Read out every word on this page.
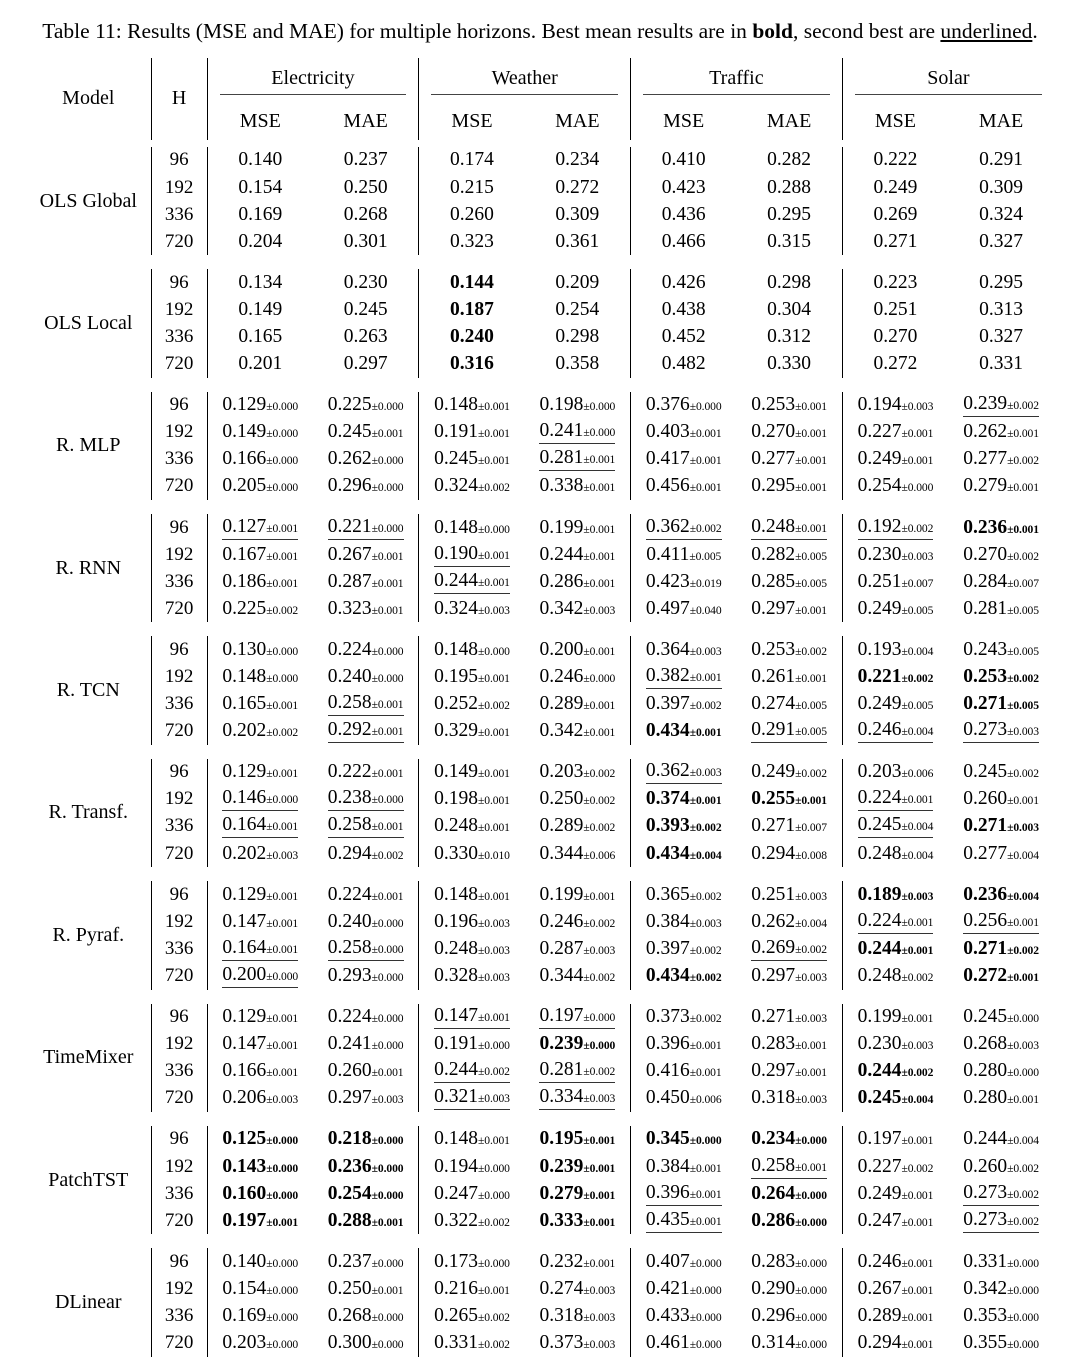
Table 11: Results (MSE and MAE) for multiple horizons. Best mean results are in bold, second best are underlined.

Model	H	Electricity		Weather		Traffic		Solar	

		MSE	MAE	MSE	MAE	MSE	MAE	MSE	MAE

OLS Global	96	0.140	0.237	0.174	0.234	0.410	0.282	0.222	0.291
	192	0.154	0.250	0.215	0.272	0.423	0.288	0.249	0.309
	336	0.169	0.268	0.260	0.309	0.436	0.295	0.269	0.324
	720	0.204	0.301	0.323	0.361	0.466	0.315	0.271	0.327

OLS Local	96	0.134	0.230	0.144	0.209	0.426	0.298	0.223	0.295
	192	0.149	0.245	0.187	0.254	0.438	0.304	0.251	0.313
	336	0.165	0.263	0.240	0.298	0.452	0.312	0.270	0.327
	720	0.201	0.297	0.316	0.358	0.482	0.330	0.272	0.331

R. MLP	96	0.129±0.000	0.225±0.000	0.148±0.001	0.198±0.000	0.376±0.000	0.253±0.001	0.194±0.003	0.239±0.002
	192	0.149±0.000	0.245±0.001	0.191±0.001	0.241±0.000	0.403±0.001	0.270±0.001	0.227±0.001	0.262±0.001
	336	0.166±0.000	0.262±0.000	0.245±0.001	0.281±0.001	0.417±0.001	0.277±0.001	0.249±0.001	0.277±0.002
	720	0.205±0.000	0.296±0.000	0.324±0.002	0.338±0.001	0.456±0.001	0.295±0.001	0.254±0.000	0.279±0.001

R. RNN	96	0.127±0.001	0.221±0.000	0.148±0.000	0.199±0.001	0.362±0.002	0.248±0.001	0.192±0.002	0.236±0.001
	192	0.167±0.001	0.267±0.001	0.190±0.001	0.244±0.001	0.411±0.005	0.282±0.005	0.230±0.003	0.270±0.002
	336	0.186±0.001	0.287±0.001	0.244±0.001	0.286±0.001	0.423±0.019	0.285±0.005	0.251±0.007	0.284±0.007
	720	0.225±0.002	0.323±0.001	0.324±0.003	0.342±0.003	0.497±0.040	0.297±0.001	0.249±0.005	0.281±0.005

R. TCN	96	0.130±0.000	0.224±0.000	0.148±0.000	0.200±0.001	0.364±0.003	0.253±0.002	0.193±0.004	0.243±0.005
	192	0.148±0.000	0.240±0.000	0.195±0.001	0.246±0.000	0.382±0.001	0.261±0.001	0.221±0.002	0.253±0.002
	336	0.165±0.001	0.258±0.001	0.252±0.002	0.289±0.001	0.397±0.002	0.274±0.005	0.249±0.005	0.271±0.005
	720	0.202±0.002	0.292±0.001	0.329±0.001	0.342±0.001	0.434±0.001	0.291±0.005	0.246±0.004	0.273±0.003

R. Transf.	96	0.129±0.001	0.222±0.001	0.149±0.001	0.203±0.002	0.362±0.003	0.249±0.002	0.203±0.006	0.245±0.002
	192	0.146±0.000	0.238±0.000	0.198±0.001	0.250±0.002	0.374±0.001	0.255±0.001	0.224±0.001	0.260±0.001
	336	0.164±0.001	0.258±0.001	0.248±0.001	0.289±0.002	0.393±0.002	0.271±0.007	0.245±0.004	0.271±0.003
	720	0.202±0.003	0.294±0.002	0.330±0.010	0.344±0.006	0.434±0.004	0.294±0.008	0.248±0.004	0.277±0.004

R. Pyraf.	96	0.129±0.001	0.224±0.001	0.148±0.001	0.199±0.001	0.365±0.002	0.251±0.003	0.189±0.003	0.236±0.004
	192	0.147±0.001	0.240±0.000	0.196±0.003	0.246±0.002	0.384±0.003	0.262±0.004	0.224±0.001	0.256±0.001
	336	0.164±0.001	0.258±0.000	0.248±0.003	0.287±0.003	0.397±0.002	0.269±0.002	0.244±0.001	0.271±0.002
	720	0.200±0.000	0.293±0.000	0.328±0.003	0.344±0.002	0.434±0.002	0.297±0.003	0.248±0.002	0.272±0.001

TimeMixer	96	0.129±0.001	0.224±0.000	0.147±0.001	0.197±0.000	0.373±0.002	0.271±0.003	0.199±0.001	0.245±0.000
	192	0.147±0.001	0.241±0.000	0.191±0.000	0.239±0.000	0.396±0.001	0.283±0.001	0.230±0.003	0.268±0.003
	336	0.166±0.001	0.260±0.001	0.244±0.002	0.281±0.002	0.416±0.001	0.297±0.001	0.244±0.002	0.280±0.000
	720	0.206±0.003	0.297±0.003	0.321±0.003	0.334±0.003	0.450±0.006	0.318±0.003	0.245±0.004	0.280±0.001

PatchTST	96	0.125±0.000	0.218±0.000	0.148±0.001	0.195±0.001	0.345±0.000	0.234±0.000	0.197±0.001	0.244±0.004
	192	0.143±0.000	0.236±0.000	0.194±0.000	0.239±0.001	0.384±0.001	0.258±0.001	0.227±0.002	0.260±0.002
	336	0.160±0.000	0.254±0.000	0.247±0.000	0.279±0.001	0.396±0.001	0.264±0.000	0.249±0.001	0.273±0.002
	720	0.197±0.001	0.288±0.001	0.322±0.002	0.333±0.001	0.435±0.001	0.286±0.000	0.247±0.001	0.273±0.002

DLinear	96	0.140±0.000	0.237±0.000	0.173±0.000	0.232±0.001	0.407±0.000	0.283±0.000	0.246±0.001	0.331±0.000
	192	0.154±0.000	0.250±0.001	0.216±0.001	0.274±0.003	0.421±0.000	0.290±0.000	0.267±0.001	0.342±0.000
	336	0.169±0.000	0.268±0.000	0.265±0.002	0.318±0.003	0.433±0.000	0.296±0.000	0.289±0.001	0.353±0.000
	720	0.203±0.000	0.300±0.000	0.331±0.002	0.373±0.003	0.461±0.000	0.314±0.000	0.294±0.001	0.355±0.000
